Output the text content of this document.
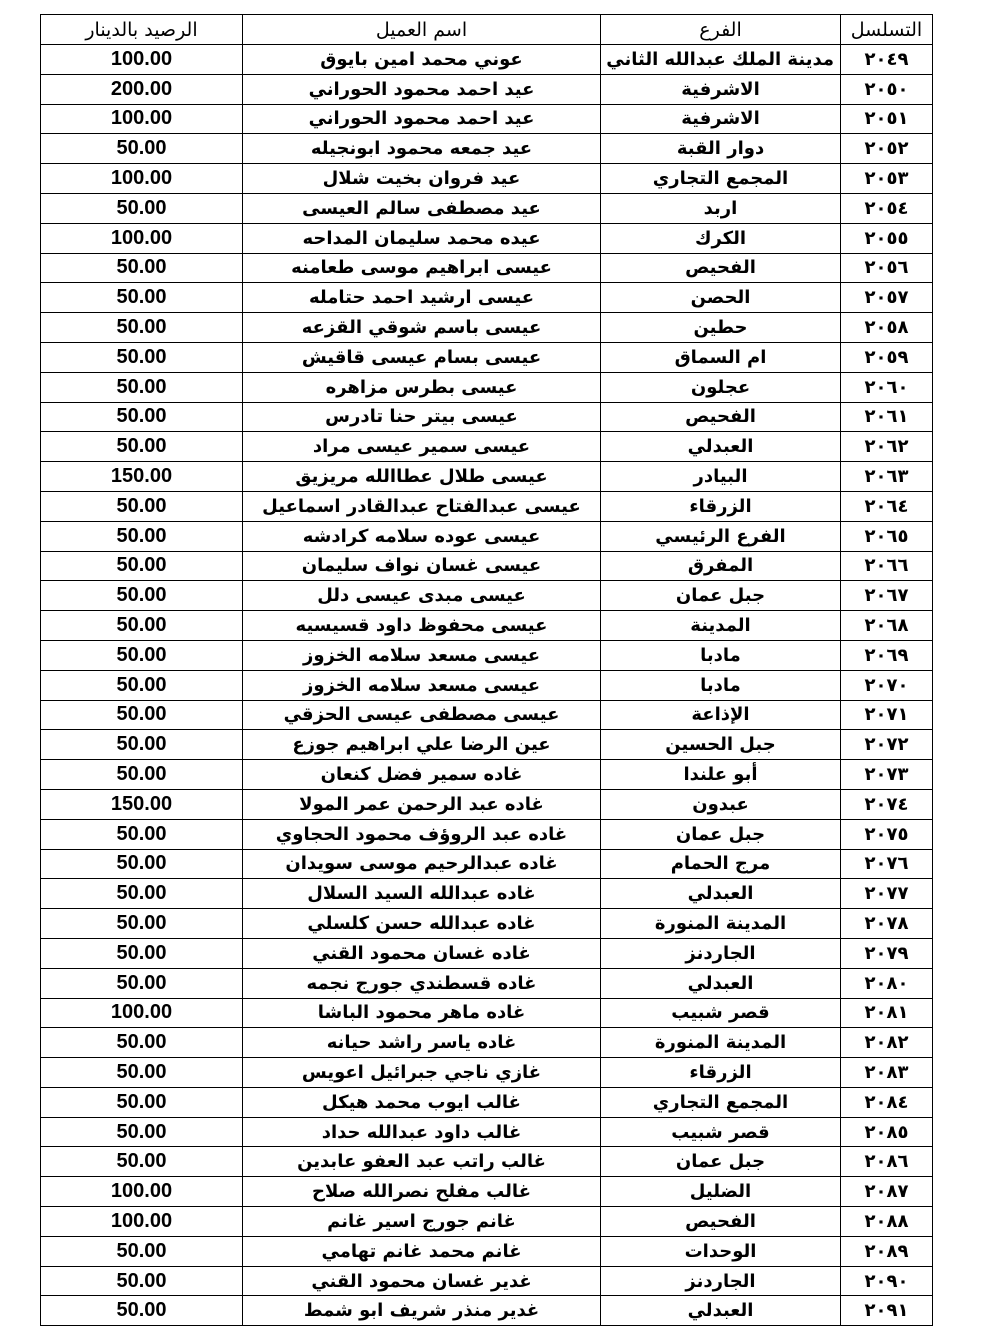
التسلسل	الفرع	اسم العميل	الرصيد بالدينار
٢٠٤٩	مدينة الملك عبدالله الثاني	عوني محمد امين بايوق	100.00
٢٠٥٠	الاشرفية	عيد احمد محمود الحوراني	200.00
٢٠٥١	الاشرفية	عيد احمد محمود الحوراني	100.00
٢٠٥٢	دوار القبة	عيد جمعه محمود ابونجيله	50.00
٢٠٥٣	المجمع التجاري	عيد فروان بخيت شلال	100.00
٢٠٥٤	اربد	عيد مصطفى سالم العيسى	50.00
٢٠٥٥	الكرك	عيده محمد سليمان المداحه	100.00
٢٠٥٦	الفحيص	عيسى ابراهيم موسى طعامنه	50.00
٢٠٥٧	الحصن	عيسى ارشيد احمد حتامله	50.00
٢٠٥٨	حطين	عيسى باسم شوقي القزعه	50.00
٢٠٥٩	ام السماق	عيسى بسام عيسى قاقيش	50.00
٢٠٦٠	عجلون	عيسى بطرس مزاهره	50.00
٢٠٦١	الفحيص	عيسى بيتر حنا تادرس	50.00
٢٠٦٢	العبدلي	عيسى سمير عيسى مراد	50.00
٢٠٦٣	البيادر	عيسى طلال عطاالله مريزيق	150.00
٢٠٦٤	الزرقاء	عيسى عبدالفتاح عبدالقادر اسماعيل	50.00
٢٠٦٥	الفرع الرئيسي	عيسى عوده سلامه كرادشه	50.00
٢٠٦٦	المفرق	عيسى غسان نواف سليمان	50.00
٢٠٦٧	جبل عمان	عيسى مبدى عيسى دلل	50.00
٢٠٦٨	المدينة	عيسى محفوظ داود قسيسيه	50.00
٢٠٦٩	مادبا	عيسى مسعد سلامه الخزوز	50.00
٢٠٧٠	مادبا	عيسى مسعد سلامه الخزوز	50.00
٢٠٧١	الإذاعة	عيسى مصطفى عيسى الحزقي	50.00
٢٠٧٢	جبل الحسين	عين الرضا علي ابراهيم جوزع	50.00
٢٠٧٣	أبو علندا	غاده سمير فضل كنعان	50.00
٢٠٧٤	عبدون	غاده عبد الرحمن عمر المولا	150.00
٢٠٧٥	جبل عمان	غاده عبد الروؤف محمود الحجاوي	50.00
٢٠٧٦	مرج الحمام	غاده عبدالرحيم موسى سويدان	50.00
٢٠٧٧	العبدلي	غاده عبدالله السيد السلال	50.00
٢٠٧٨	المدينة المنورة	غاده عبدالله حسن كلسلي	50.00
٢٠٧٩	الجاردنز	غاده غسان محمود القني	50.00
٢٠٨٠	العبدلي	غاده قسطندي جورج نجمه	50.00
٢٠٨١	قصر شبيب	غاده ماهر محمود الباشا	100.00
٢٠٨٢	المدينة المنورة	غاده ياسر راشد حيانه	50.00
٢٠٨٣	الزرقاء	غازي ناجي جبرائيل اعويس	50.00
٢٠٨٤	المجمع التجاري	غالب ايوب محمد هيكل	50.00
٢٠٨٥	قصر شبيب	غالب داود عبدالله حداد	50.00
٢٠٨٦	جبل عمان	غالب راتب عبد العفو عابدين	50.00
٢٠٨٧	الضليل	غالب مفلح نصرالله صلاح	100.00
٢٠٨٨	الفحيص	غانم جورج اسير غانم	100.00
٢٠٨٩	الوحدات	غانم محمد غانم تهامي	50.00
٢٠٩٠	الجاردنز	غدير غسان محمود القني	50.00
٢٠٩١	العبدلي	غدير منذر شريف ابو شمط	50.00
